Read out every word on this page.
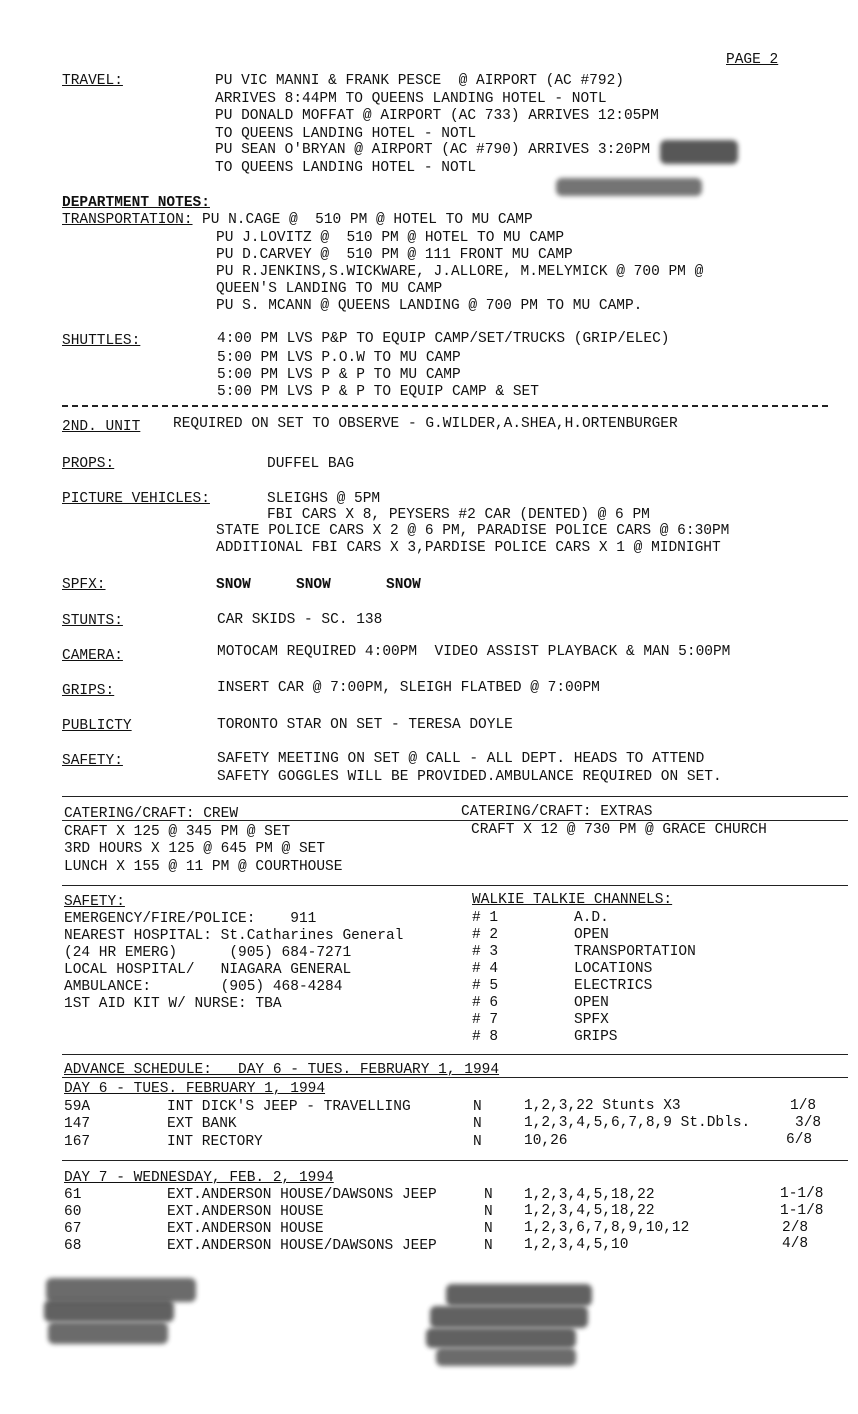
PAGE 2
TRAVEL:	PU VIC MANNI & FRANK PESCE  @ AIRPORT (AC #792)
ARRIVES 8:44PM TO QUEENS LANDING HOTEL - NOTL
PU DONALD MOFFAT @ AIRPORT (AC 733) ARRIVES 12:05PM
TO QUEENS LANDING HOTEL - NOTL
PU SEAN O'BRYAN @ AIRPORT (AC #790) ARRIVES 3:20PM
TO QUEENS LANDING HOTEL - NOTL
DEPARTMENT NOTES:
TRANSPORTATION: PU N.CAGE @  510 PM @ HOTEL TO MU CAMP
PU J.LOVITZ @  510 PM @ HOTEL TO MU CAMP
PU D.CARVEY @  510 PM @ 111 FRONT MU CAMP
PU R.JENKINS,S.WICKWARE, J.ALLORE, M.MELYMICK @ 700 PM @
QUEEN'S LANDING TO MU CAMP
PU S. MCANN @ QUEENS LANDING @ 700 PM TO MU CAMP.
SHUTTLES:	4:00 PM LVS P&P TO EQUIP CAMP/SET/TRUCKS (GRIP/ELEC)
5:00 PM LVS P.O.W TO MU CAMP
5:00 PM LVS P & P TO MU CAMP
5:00 PM LVS P & P TO EQUIP CAMP & SET
2ND. UNIT REQUIRED ON SET TO OBSERVE - G.WILDER,A.SHEA,H.ORTENBURGER
PROPS:	DUFFEL BAG
PICTURE VEHICLES:	SLEIGHS @ 5PM
FBI CARS X 8, PEYSERS #2 CAR (DENTED) @ 6 PM
STATE POLICE CARS X 2 @ 6 PM, PARADISE POLICE CARS @ 6:30PM
ADDITIONAL FBI CARS X 3,PARDISE POLICE CARS X 1 @ MIDNIGHT
SPFX:	SNOW	SNOW	SNOW
STUNTS:	CAR SKIDS - SC. 138
CAMERA:	MOTOCAM REQUIRED 4:00PM  VIDEO ASSIST PLAYBACK & MAN 5:00PM
GRIPS:	INSERT CAR @ 7:00PM, SLEIGH FLATBED @ 7:00PM
PUBLICTY	TORONTO STAR ON SET - TERESA DOYLE
SAFETY:	SAFETY MEETING ON SET @ CALL - ALL DEPT. HEADS TO ATTEND
SAFETY GOGGLES WILL BE PROVIDED.AMBULANCE REQUIRED ON SET.
CATERING/CRAFT: CREW	CATERING/CRAFT: EXTRAS
CRAFT X 125 @ 345 PM @ SET
3RD HOURS X 125 @ 645 PM @ SET
LUNCH X 155 @ 11 PM @ COURTHOUSE
CRAFT X 12 @ 730 PM @ GRACE CHURCH
SAFETY:
EMERGENCY/FIRE/POLICE:    911
NEAREST HOSPITAL: St.Catharines General
(24 HR EMERG)      (905) 684-7271
LOCAL HOSPITAL/   NIAGARA GENERAL
AMBULANCE:        (905) 468-4284
1ST AID KIT W/ NURSE: TBA
WALKIE TALKIE CHANNELS:
# 1	A.D.
# 2	OPEN
# 3	TRANSPORTATION
# 4	LOCATIONS
# 5	ELECTRICS
# 6	OPEN
# 7	SPFX
# 8	GRIPS
ADVANCE SCHEDULE:   DAY 6 - TUES. FEBRUARY 1, 1994
DAY 6 - TUES. FEBRUARY 1, 1994
59A	INT DICK'S JEEP - TRAVELLING	N	1,2,3,22 Stunts X3	1/8
147	EXT BANK	N	1,2,3,4,5,6,7,8,9 St.Dbls.	3/8
167	INT RECTORY	N	10,26	6/8
DAY 7 - WEDNESDAY, FEB. 2, 1994
61	EXT.ANDERSON HOUSE/DAWSONS JEEP	N 1,2,3,4,5,18,22	1-1/8
60	EXT.ANDERSON HOUSE	N 1,2,3,4,5,18,22	1-1/8
67	EXT.ANDERSON HOUSE	N 1,2,3,6,7,8,9,10,12	2/8
68	EXT.ANDERSON HOUSE/DAWSONS JEEP	N 1,2,3,4,5,10	4/8
